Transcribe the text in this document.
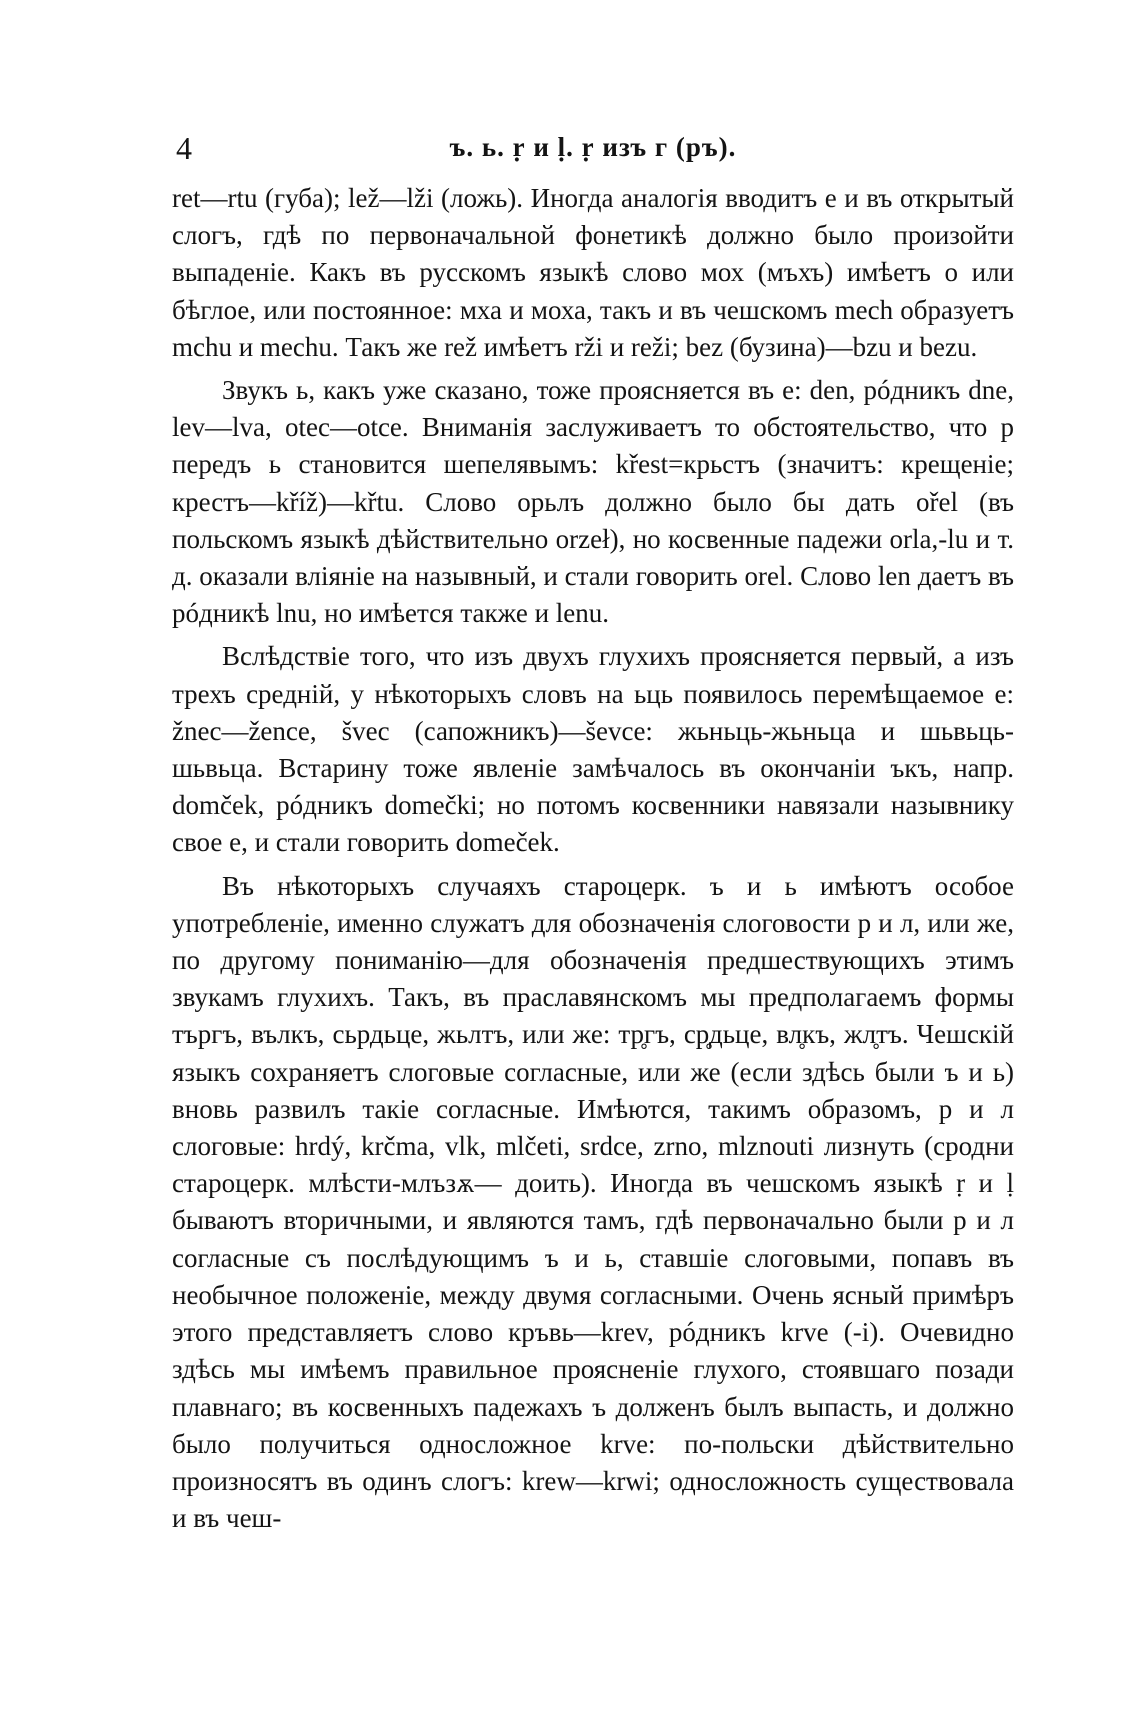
4	ъ. ь. ṛ и ḷ. ṛ изъ г (ръ).

ret—rtu (губа); lež—lži (ложь). Иногда аналогія вводитъ e и въ открытый слогъ, гдѣ по первоначальной фонетикѣ должно было произойти выпаденіе. Какъ въ русскомъ языкѣ слово мох (мъхъ) имѣетъ о или бѣглое, или постоянное: мха и моха, такъ и въ чешскомъ mech образуетъ mchu и mechu. Такъ же rež имѣетъ rži и reži; bez (бузина)—bzu и bezu.

Звукъ ь, какъ уже сказано, тоже проясняется въ е: den, рóдникъ dne, lev—lva, otec—otce. Вниманія заслуживаетъ то обстоятельство, что р передъ ь становится шепелявымъ: křest=крьстъ (значитъ: крещеніе; крестъ—kříž)—křtu. Слово орьлъ должно было бы дать ořel (въ польскомъ языкѣ дѣйствительно orzeł), но косвенные падежи orla,-lu и т. д. оказали вліяніе на назывный, и стали говорить orel. Слово len даетъ въ рóдникѣ lnu, но имѣется также и lenu.

Вслѣдствіе того, что изъ двухъ глухихъ проясняется первый, а изъ трехъ средній, у нѣкоторыхъ словъ на ьць появилось перемѣщаемое е: žnec—žence, švec (сапожникъ)—ševce: жьньць-жьньца и шьвьць-шьвьца. Встарину тоже явленіе замѣчалось въ окончаніи ъкъ, напр. domček, рóдникъ domečki; но потомъ косвенники навязали назывнику свое е, и стали говорить domeček.

Въ нѣкоторыхъ случаяхъ староцерк. ъ и ь имѣютъ особое употребленіе, именно служатъ для обозначенія слоговости р и л, или же, по другому пониманію—для обозначенія предшествующихъ этимъ звукамъ глухихъ. Такъ, въ праславянскомъ мы предполагаемъ формы търгъ, вълкъ, сьрдьце, жьлтъ, или же: тр̥гъ, ср̥дьце, вл̥къ, жл̥тъ. Чешскій языкъ сохраняетъ слоговые согласные, или же (если здѣсь были ъ и ь) вновь развилъ такіе согласные. Имѣются, такимъ образомъ, р и л слоговые: hrdý, krčma, vlk, mlčeti, srdce, zrno, mlznouti лизнуть (сродни староцерк. млѣсти-млъзѫ— доить). Иногда въ чешскомъ языкѣ ṛ и ḷ бываютъ вторичными, и являются тамъ, гдѣ первоначально были р и л согласные съ послѣдующимъ ъ и ь, ставшіе слоговыми, попавъ въ необычное положеніе, между двумя согласными. Очень ясный примѣръ этого представляетъ слово кръвь—krev, рóдникъ krve (-i). Очевидно здѣсь мы имѣемъ правильное проясненіе глухого, стоявшаго позади плавнаго; въ косвенныхъ падежахъ ъ долженъ былъ выпасть, и должно было получиться односложное krve: по-польски дѣйствительно произносятъ въ одинъ слогъ: krew—krwi; односложность существовала и въ чеш-
